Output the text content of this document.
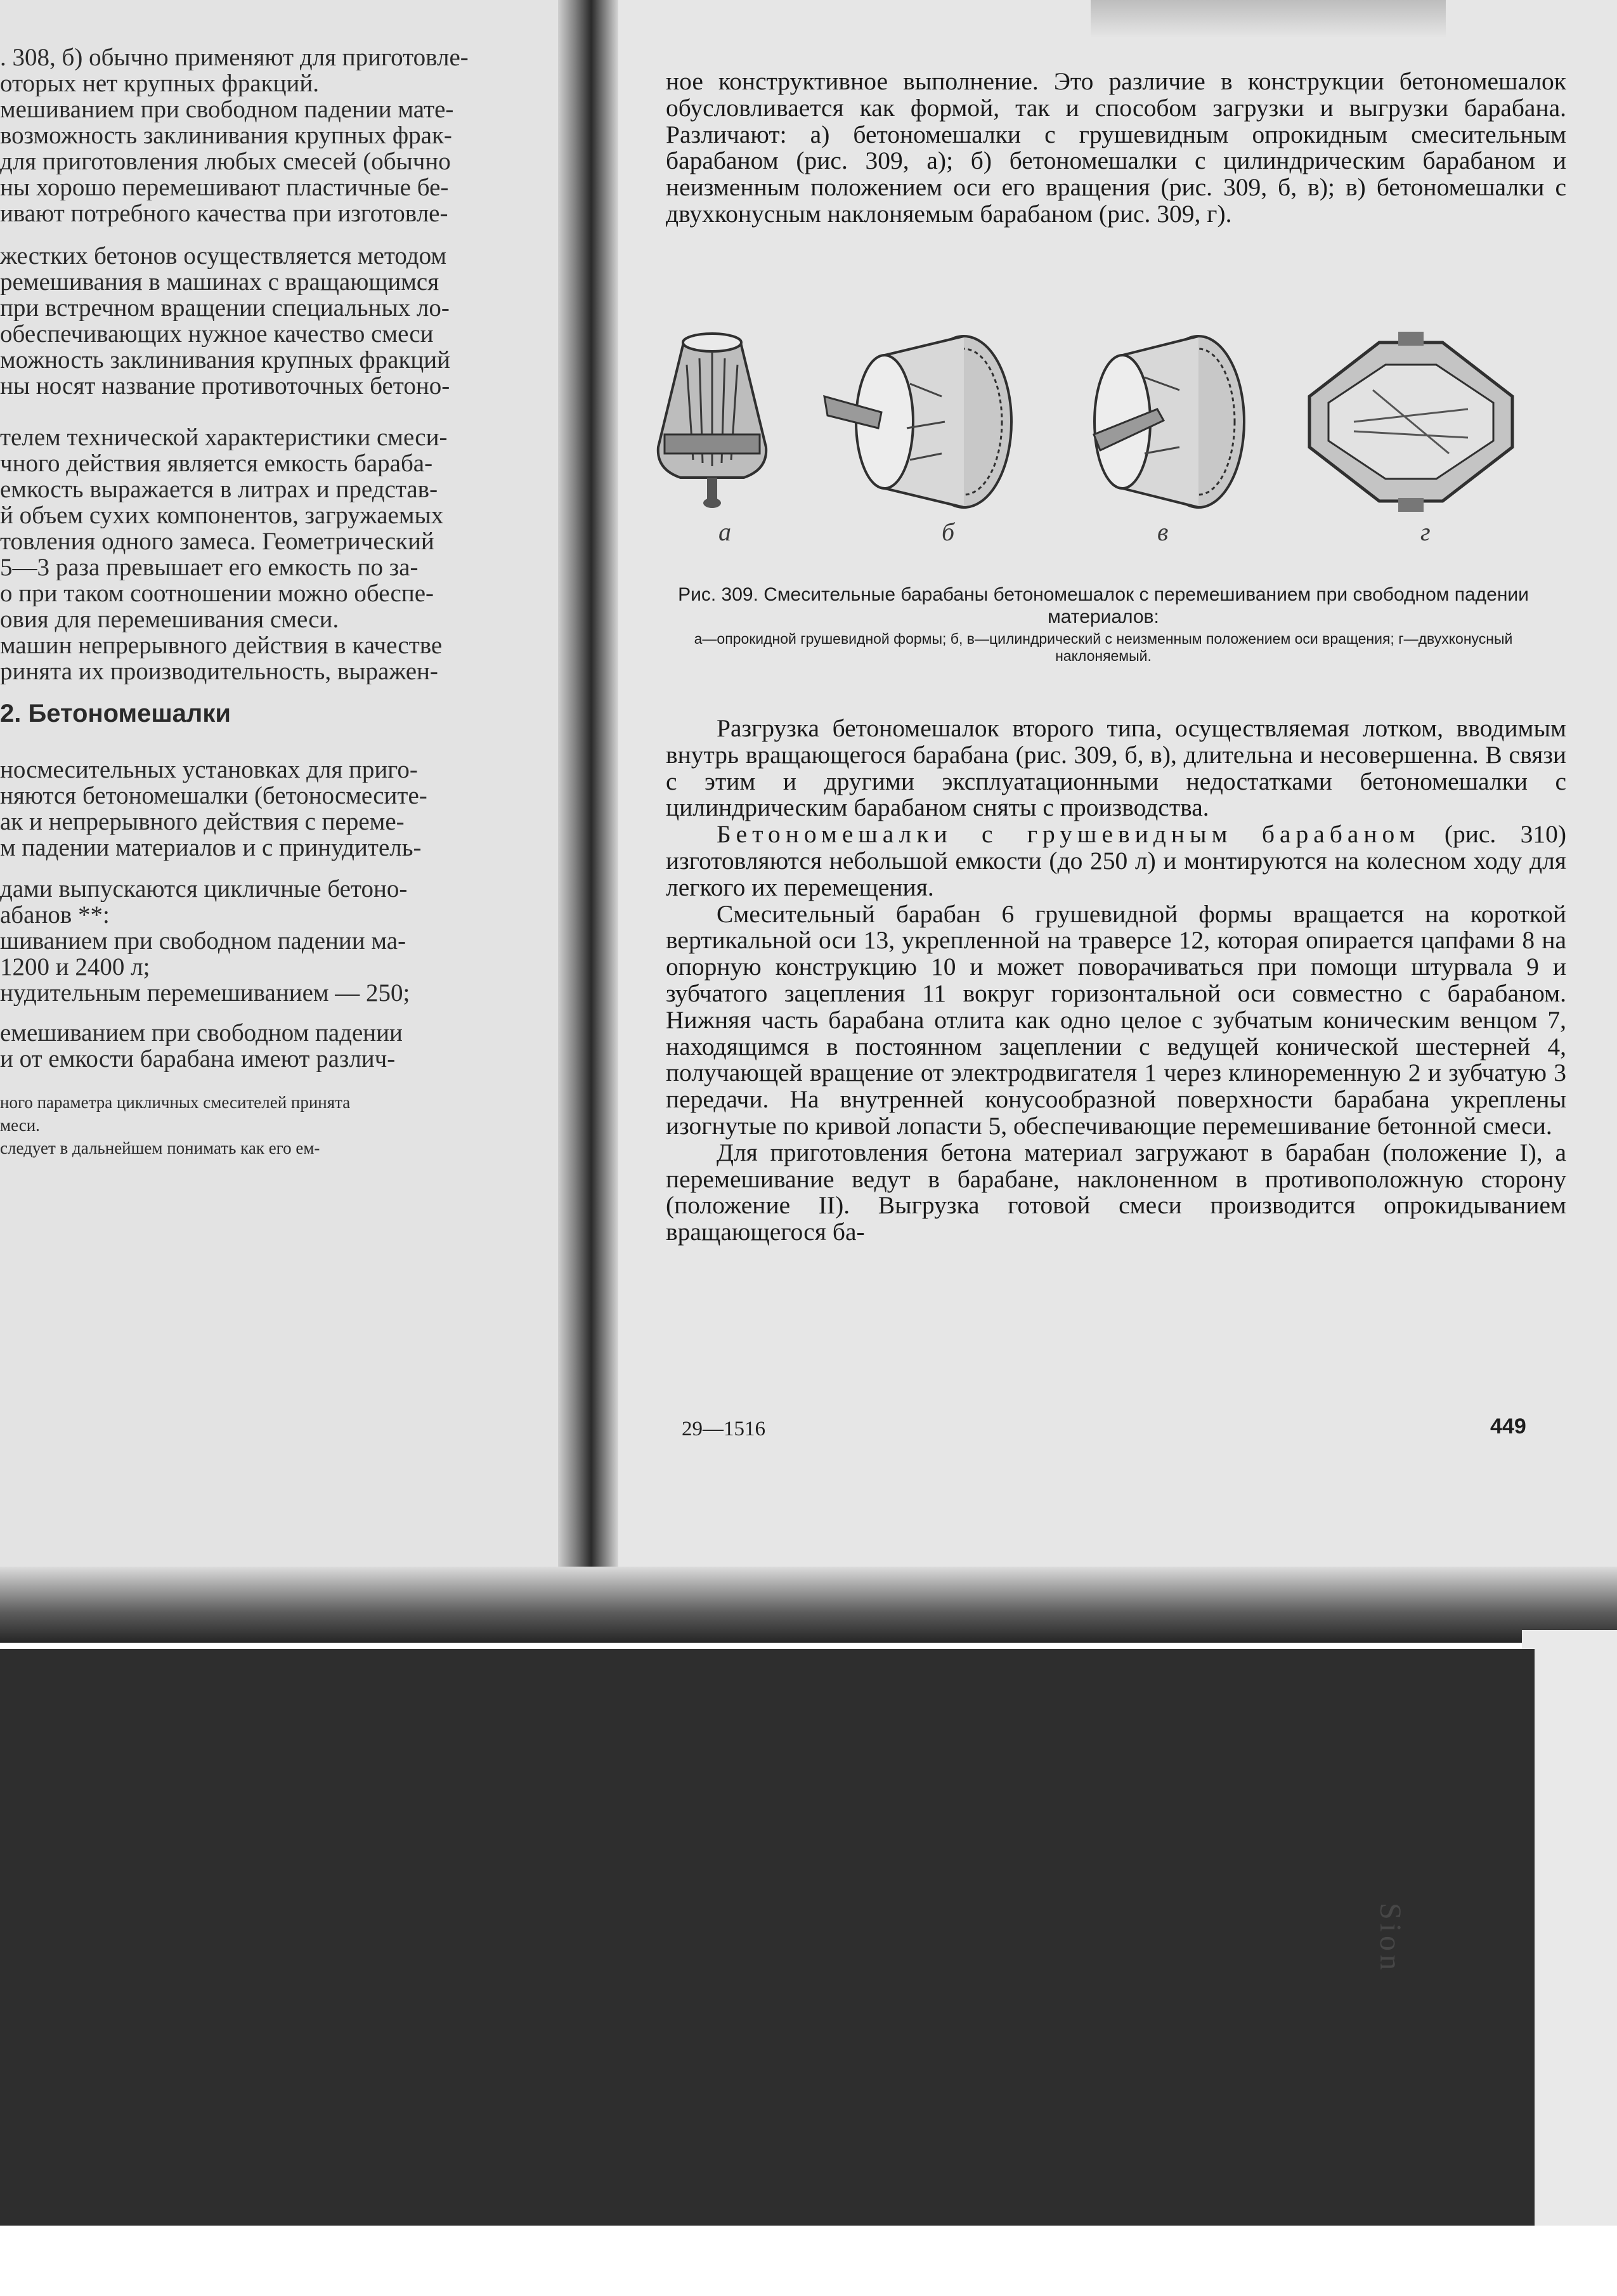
Sion
. 308, б) обычно применяют для приготовле-
оторых нет крупных фракций.
мешиванием при свободном падении мате-
возможность заклинивания крупных фрак-
для приготовления любых смесей (обычно
ны хорошо перемешивают пластичные бе-
ивают потребного качества при изготовле-
жестких бетонов осуществляется методом
ремешивания в машинах с вращающимся
при встречном вращении специальных ло-
обеспечивающих нужное качество смеси
можность заклинивания крупных фракций
ны носят название противоточных бетоно-
телем технической характеристики смеси-
чного действия является емкость бараба-
емкость выражается в литрах и представ-
й объем сухих компонентов, загружаемых
товления одного замеса. Геометрический
5—3 раза превышает его емкость по за-
о при таком соотношении можно обеспе-
овия для перемешивания смеси.
машин непрерывного действия в качестве
ринята их производительность, выражен-
2. Бетономешалки
носмесительных установках для приго-
няются бетономешалки (бетоносмесите-
ак и непрерывного действия с переме-
м падении материалов и с принудитель-
дами выпускаются цикличные бетоно-
абанов **:
шиванием при свободном падении ма-
1200 и 2400 л;
нудительным перемешиванием — 250;
емешиванием при свободном падении
и от емкости барабана имеют различ-
ного параметра цикличных смесителей принята
меси.
следует в дальнейшем понимать как его ем-

ное конструктивное выполнение. Это различие в конструкции бетономешалок обусловливается как формой, так и способом загрузки и выгрузки барабана. Различают: а) бетономешалки с грушевидным опрокидным смесительным барабаном (рис. 309, а); б) бетономешалки с цилиндрическим барабаном и неизменным положением оси его вращения (рис. 309, б, в); в) бетономешалки с двухконусным наклоняемым барабаном (рис. 309, г).

а	б	в	г
Рис. 309. Смесительные барабаны бетономешалок с перемешиванием при свободном падении материалов:
а—опрокидной грушевидной формы; б, в—цилиндрический с неизменным положением оси вращения; г—двухконусный наклоняемый.

Разгрузка бетономешалок второго типа, осуществляемая лотком, вводимым внутрь вращающегося барабана (рис. 309, б, в), длительна и несовершенна. В связи с этим и другими эксплуатационными недостатками бетономешалки с цилиндрическим барабаном сняты с производства.

Бетономешалки с грушевидным барабаном (рис. 310) изготовляются небольшой емкости (до 250 л) и монтируются на колесном ходу для легкого их перемещения.

Смесительный барабан 6 грушевидной формы вращается на короткой вертикальной оси 13, укрепленной на траверсе 12, которая опирается цапфами 8 на опорную конструкцию 10 и может поворачиваться при помощи штурвала 9 и зубчатого зацепления 11 вокруг горизонтальной оси совместно с барабаном. Нижняя часть барабана отлита как одно целое с зубчатым коническим венцом 7, находящимся в постоянном зацеплении с ведущей конической шестерней 4, получающей вращение от электродвигателя 1 через клиноременную 2 и зубчатую 3 передачи. На внутренней конусообразной поверхности барабана укреплены изогнутые по кривой лопасти 5, обеспечивающие перемешивание бетонной смеси.

Для приготовления бетона материал загружают в барабан (положение I), а перемешивание ведут в барабане, наклоненном в противоположную сторону (положение II). Выгрузка готовой смеси производится опрокидыванием вращающегося ба-

29—1516	449
